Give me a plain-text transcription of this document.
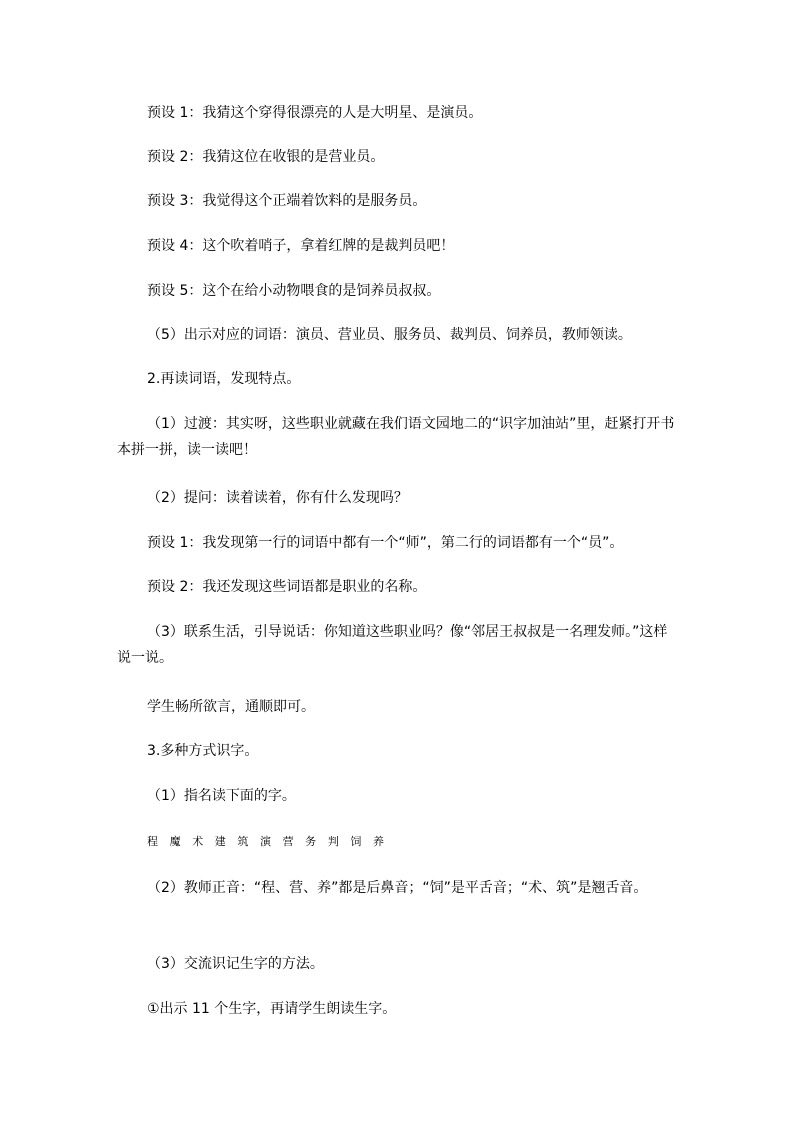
预设 1：我猜这个穿得很漂亮的人是大明星、是演员。
预设 2：我猜这位在收银的是营业员。
预设 3：我觉得这个正端着饮料的是服务员。
预设 4：这个吹着哨子，拿着红牌的是裁判员吧！
预设 5：这个在给小动物喂食的是饲养员叔叔。
（5）出示对应的词语：演员、营业员、服务员、裁判员、饲养员，教师领读。
2.再读词语，发现特点。
（1）过渡：其实呀，这些职业就藏在我们语文园地二的“识字加油站”里，赶紧打开书本拼一拼，读一读吧！
（2）提问：读着读着，你有什么发现吗？
预设 1：我发现第一行的词语中都有一个“师”，第二行的词语都有一个“员”。
预设 2：我还发现这些词语都是职业的名称。
（3）联系生活，引导说话：你知道这些职业吗？像“邻居王叔叔是一名理发师。”这样说一说。
学生畅所欲言，通顺即可。
3.多种方式识字。
（1）指名读下面的字。
程 魔 术 建 筑 演 营 务 判 饲 养
（2）教师正音：“程、营、养”都是后鼻音；“饲”是平舌音；“术、筑”是翘舌音。
（3）交流识记生字的方法。
①出示 11 个生字，再请学生朗读生字。
